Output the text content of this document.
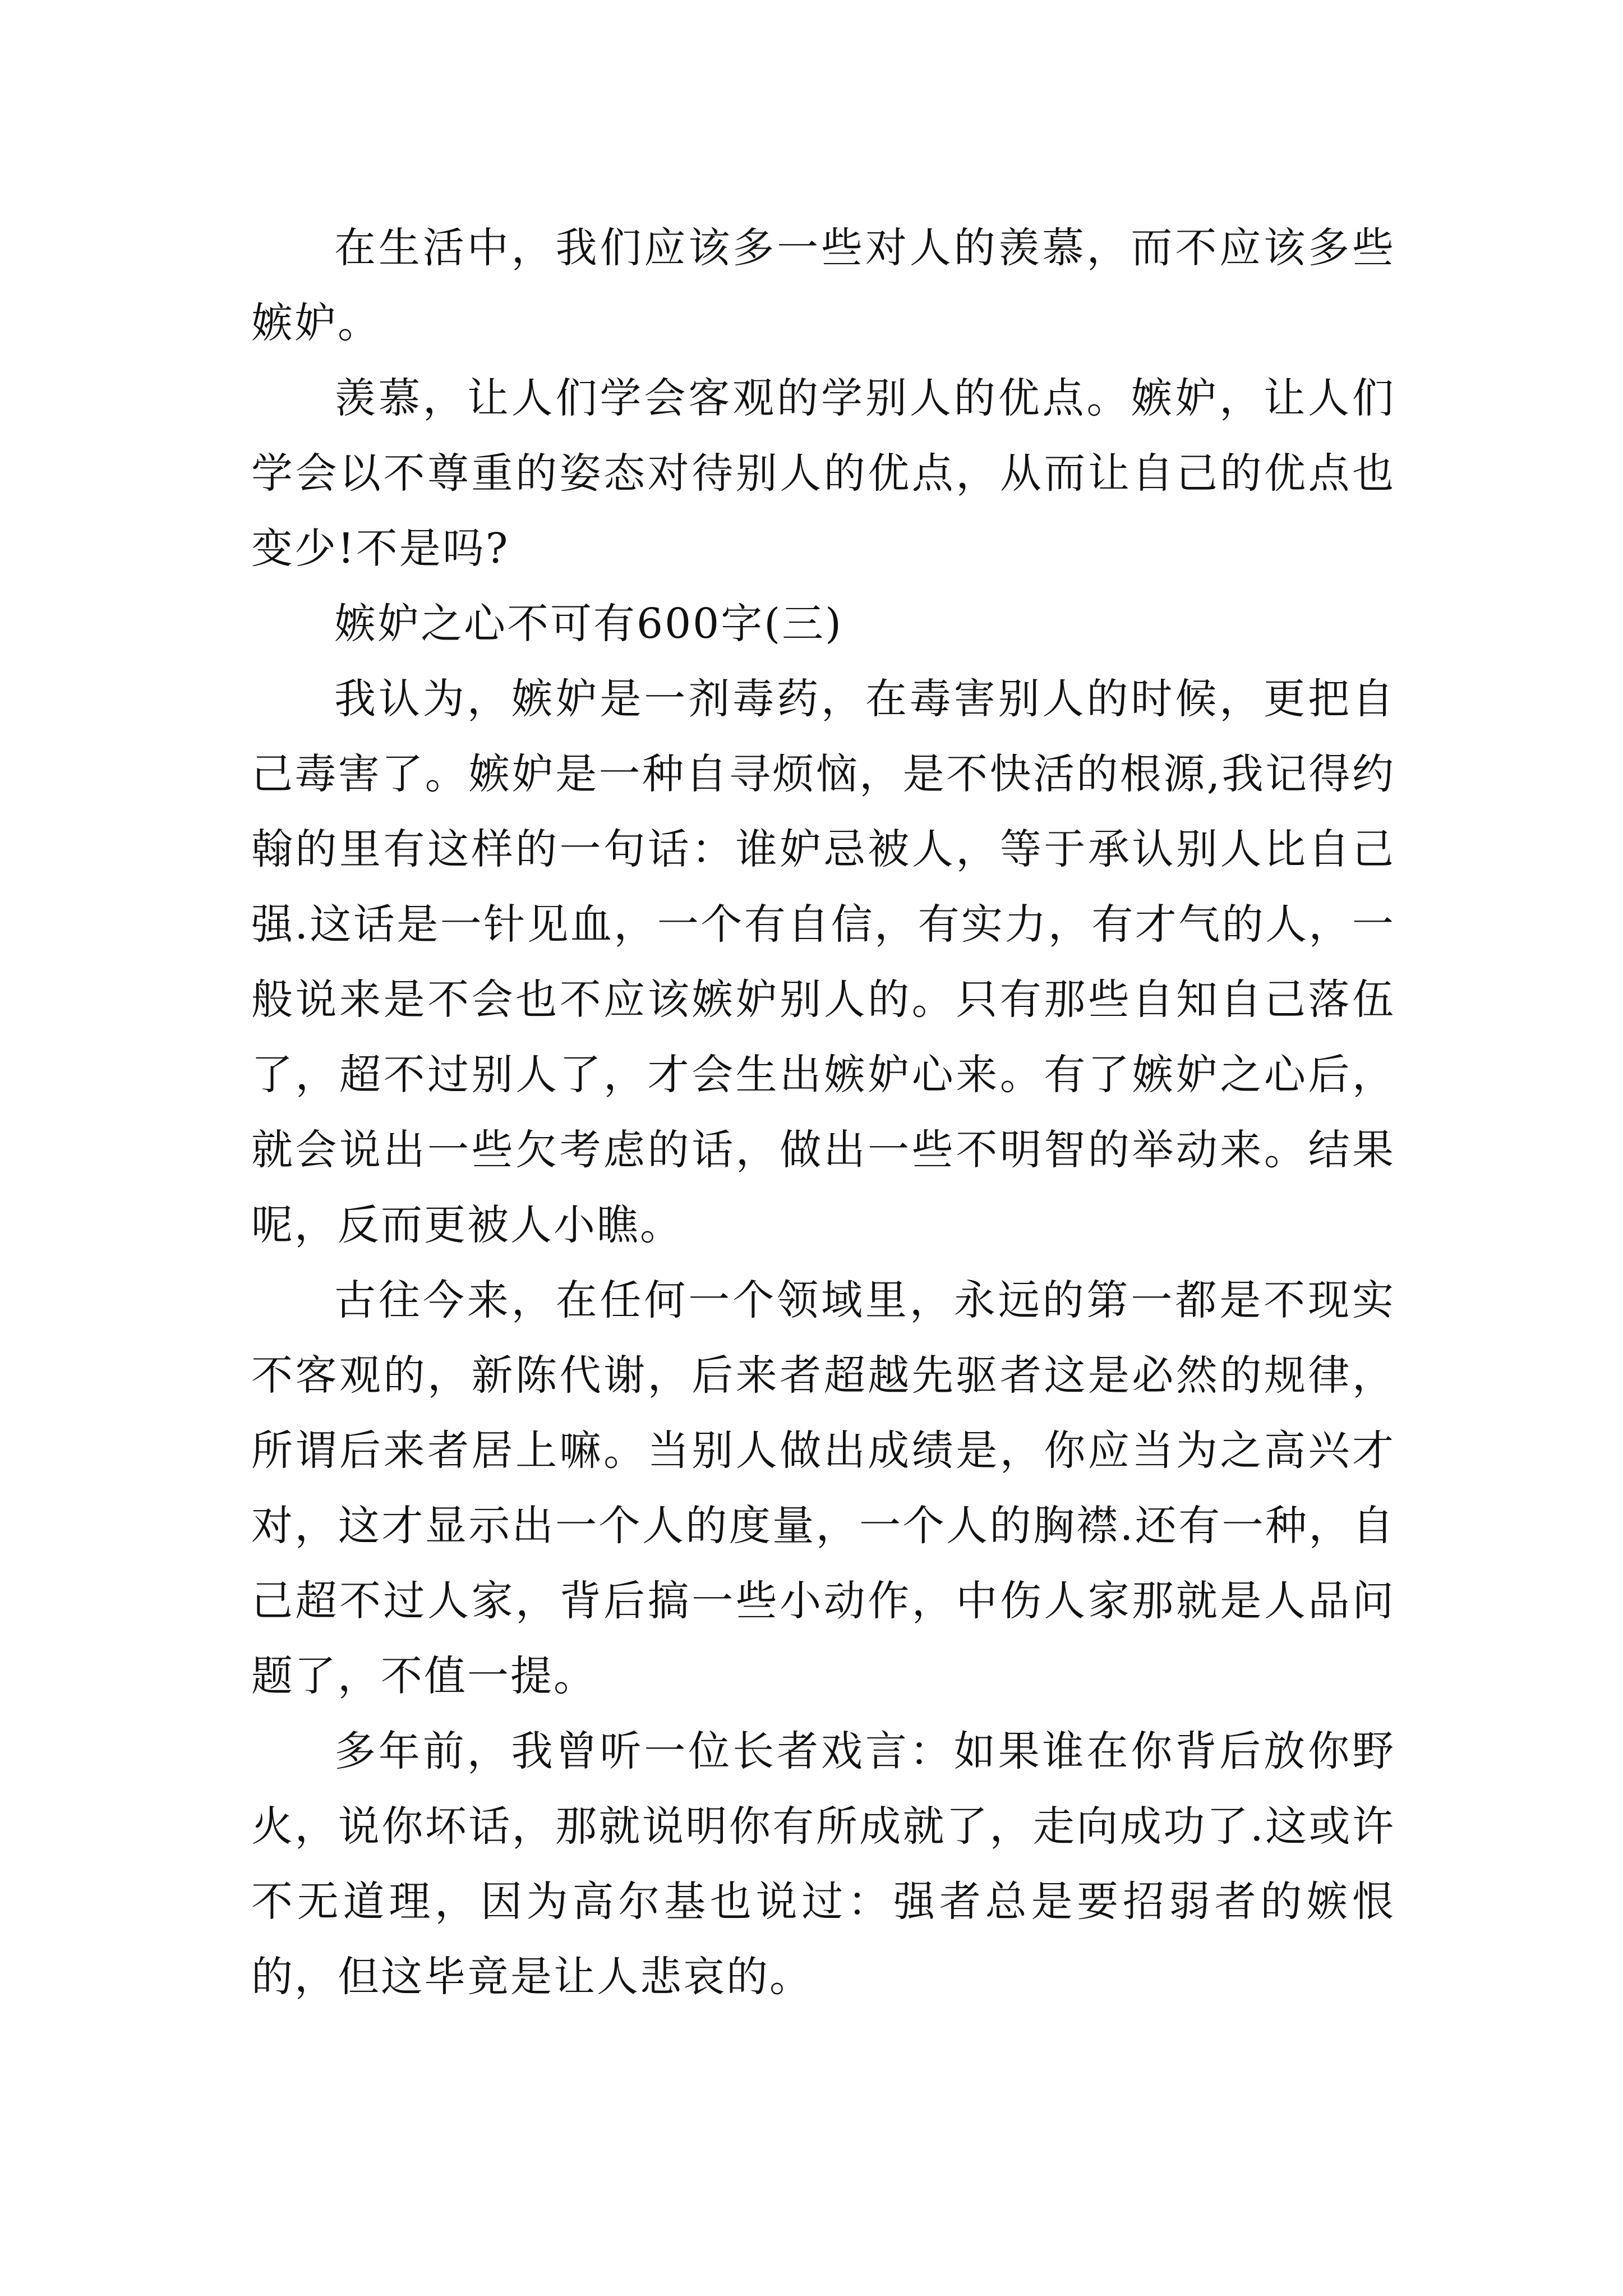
在生活中，我们应该多一些对人的羡慕，而不应该多些嫉妒。

羡慕，让人们学会客观的学别人的优点。嫉妒，让人们学会以不尊重的姿态对待别人的优点，从而让自己的优点也变少!不是吗?

嫉妒之心不可有600字(三)

我认为，嫉妒是一剂毒药，在毒害别人的时候，更把自己毒害了。嫉妒是一种自寻烦恼，是不快活的根源,我记得约翰的里有这样的一句话：谁妒忌被人，等于承认别人比自己强.这话是一针见血，一个有自信，有实力，有才气的人，一般说来是不会也不应该嫉妒别人的。只有那些自知自己落伍了，超不过别人了，才会生出嫉妒心来。有了嫉妒之心后，就会说出一些欠考虑的话，做出一些不明智的举动来。结果呢，反而更被人小瞧。

古往今来，在任何一个领域里，永远的第一都是不现实不客观的，新陈代谢，后来者超越先驱者这是必然的规律，所谓后来者居上嘛。当别人做出成绩是，你应当为之高兴才对，这才显示出一个人的度量，一个人的胸襟.还有一种，自己超不过人家，背后搞一些小动作，中伤人家那就是人品问题了，不值一提。

多年前，我曾听一位长者戏言：如果谁在你背后放你野火，说你坏话，那就说明你有所成就了，走向成功了.这或许不无道理，因为高尔基也说过：强者总是要招弱者的嫉恨的，但这毕竟是让人悲哀的。
